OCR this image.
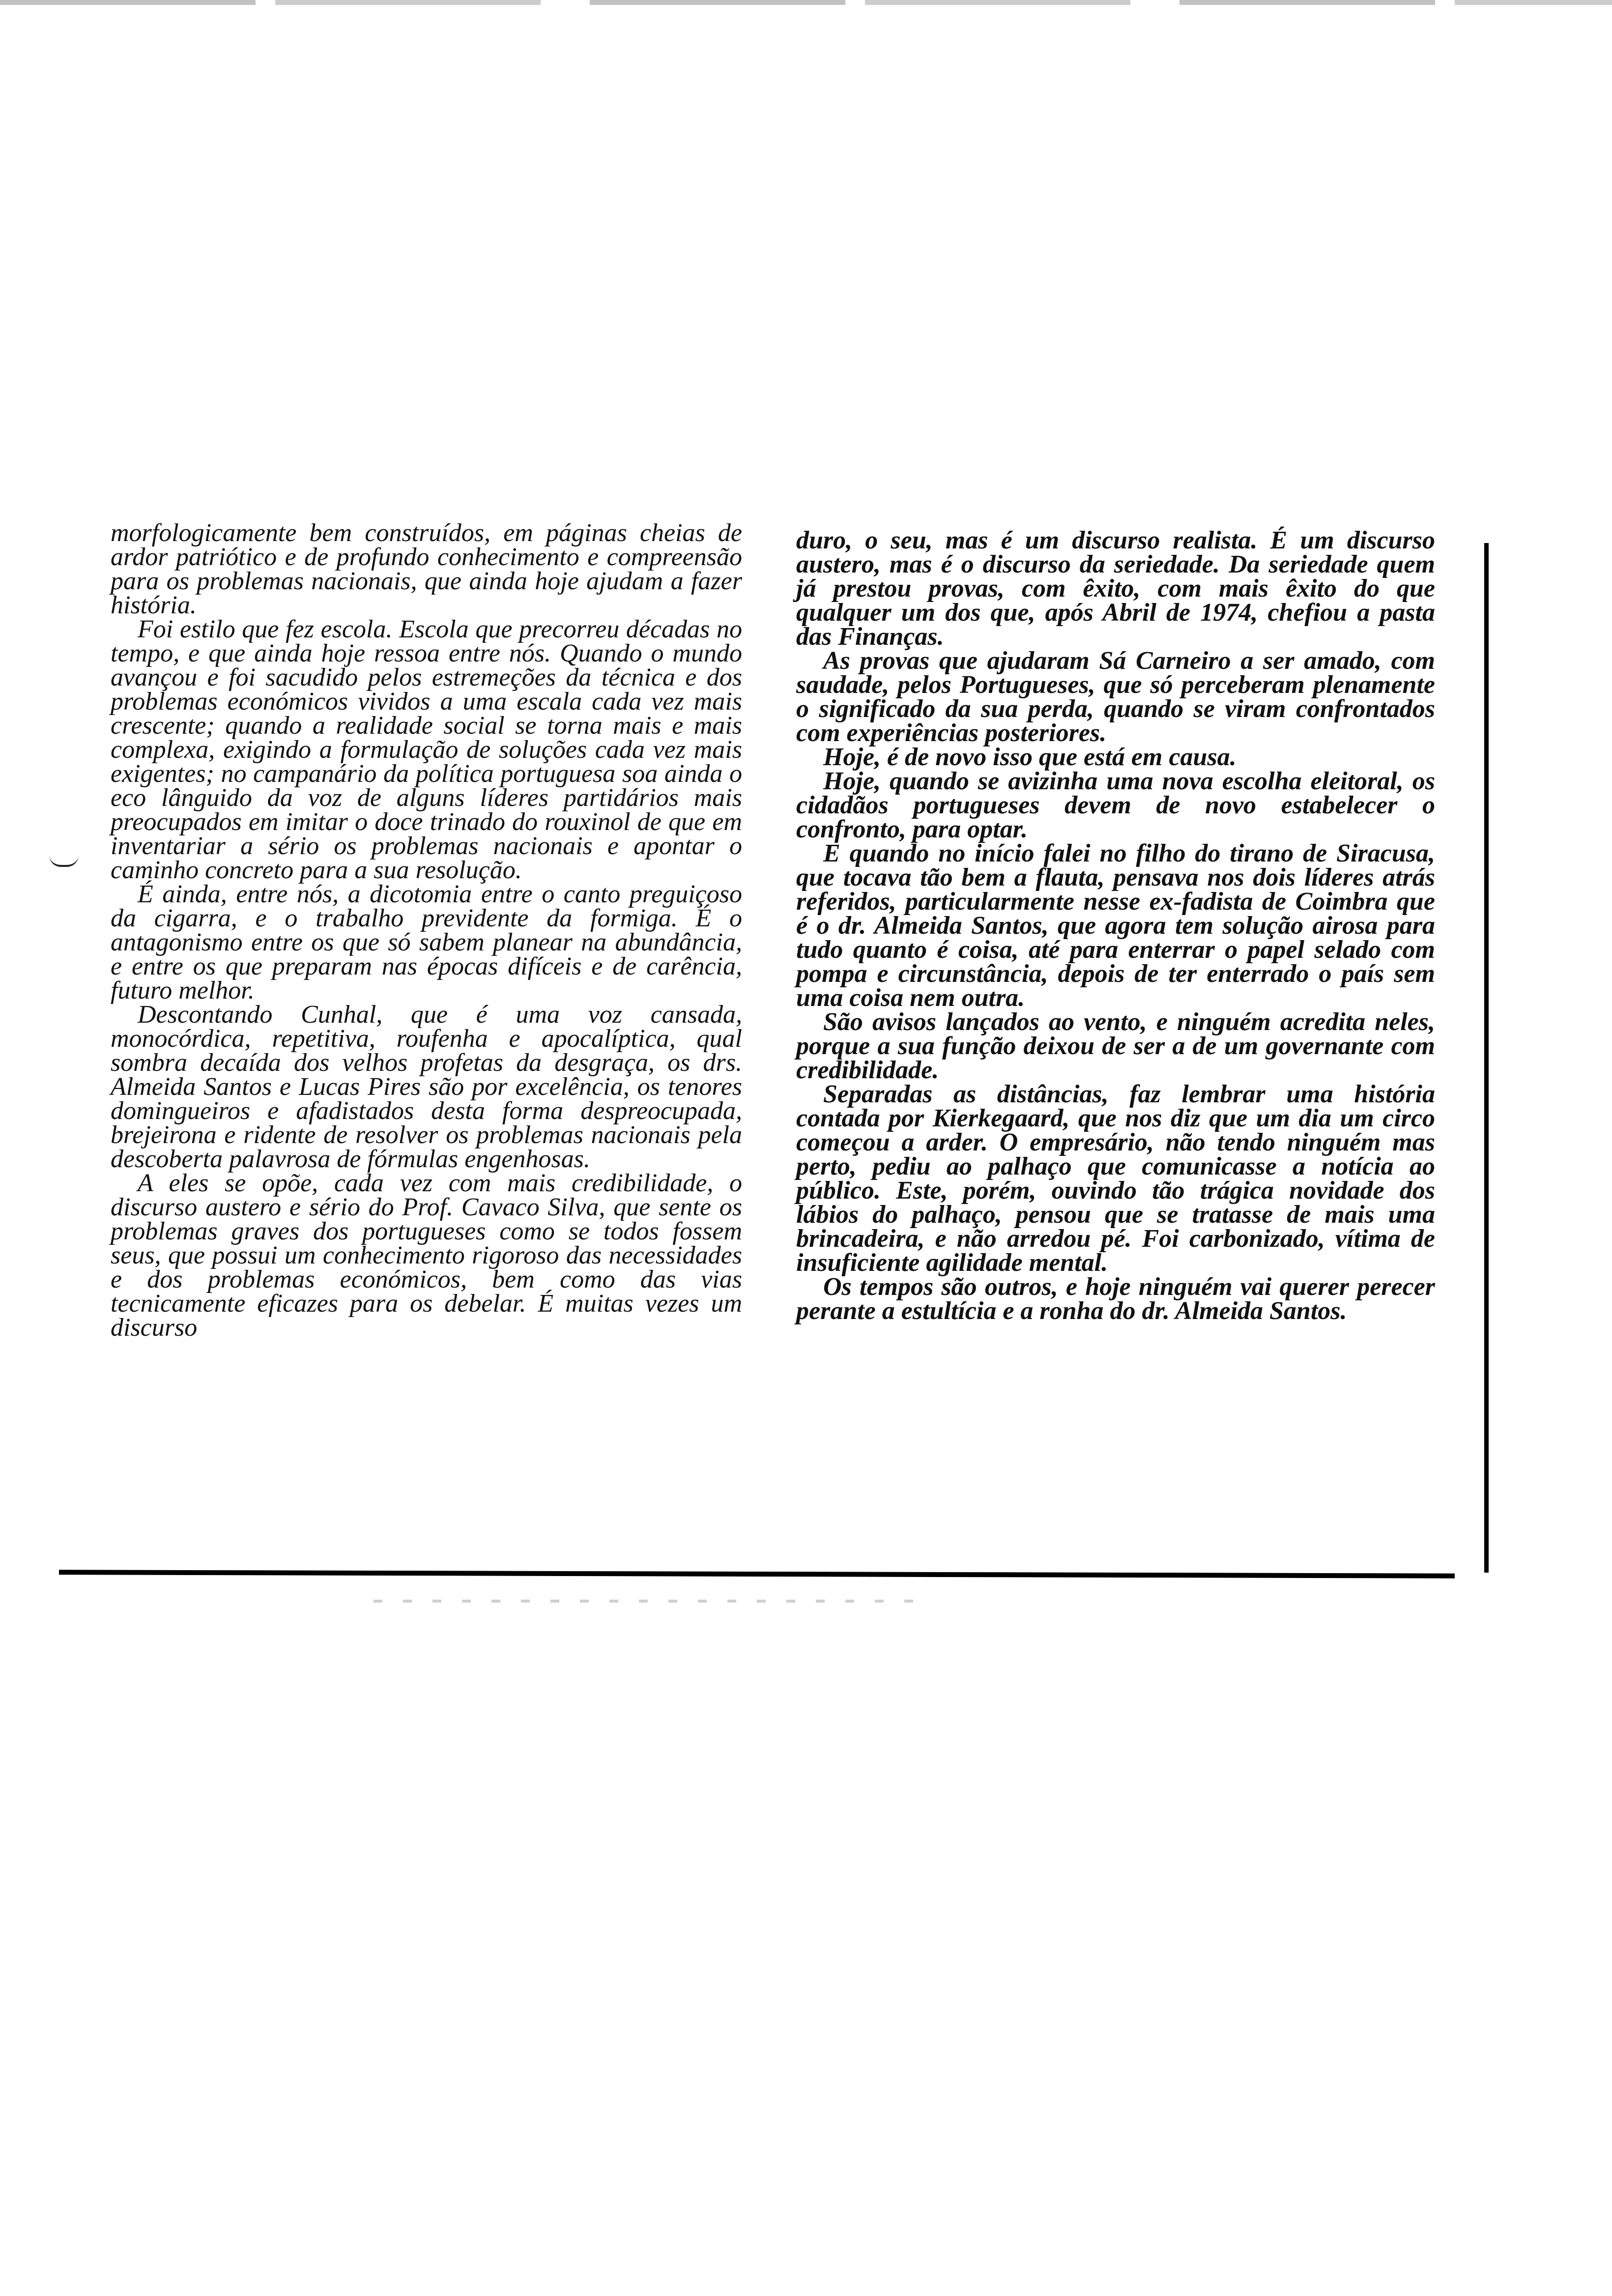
morfologicamente bem construídos, em páginas cheias de ardor patriótico e de profundo conhecimento e compreensão para os problemas nacionais, que ainda hoje ajudam a fazer história.

Foi estilo que fez escola. Escola que precorreu décadas no tempo, e que ainda hoje ressoa entre nós. Quando o mundo avançou e foi sacudido pelos estremeções da técnica e dos problemas económicos vividos a uma escala cada vez mais crescente; quando a realidade social se torna mais e mais complexa, exigindo a formulação de soluções cada vez mais exigentes; no campanário da política portuguesa soa ainda o eco lânguido da voz de alguns líderes partidários mais preocupados em imitar o doce trinado do rouxinol de que em inventariar a sério os problemas nacionais e apontar o caminho concreto para a sua resolução.

É ainda, entre nós, a dicotomia entre o canto preguiçoso da cigarra, e o trabalho previdente da formiga. É o antagonismo entre os que só sabem planear na abundância, e entre os que preparam nas épocas difíceis e de carência, futuro melhor.

Descontando Cunhal, que é uma voz cansada, monocórdica, repetitiva, roufenha e apocalíptica, qual sombra decaída dos velhos profetas da desgraça, os drs. Almeida Santos e Lucas Pires são por excelência, os tenores domingueiros e afadistados desta forma despreocupada, brejeirona e ridente de resolver os problemas nacionais pela descoberta palavrosa de fórmulas engenhosas.

A eles se opõe, cada vez com mais credibilidade, o discurso austero e sério do Prof. Cavaco Silva, que sente os problemas graves dos portugueses como se todos fossem seus, que possui um conhecimento rigoroso das necessidades e dos problemas económicos, bem como das vias tecnicamente eficazes para os debelar. É muitas vezes um discurso

duro, o seu, mas é um discurso realista. É um discurso austero, mas é o discurso da seriedade. Da seriedade quem já prestou provas, com êxito, com mais êxito do que qualquer um dos que, após Abril de 1974, chefiou a pasta das Finanças.

As provas que ajudaram Sá Carneiro a ser amado, com saudade, pelos Portugueses, que só perceberam plenamente o significado da sua perda, quando se viram confrontados com experiências posteriores.

Hoje, é de novo isso que está em causa.

Hoje, quando se avizinha uma nova escolha eleitoral, os cidadãos portugueses devem de novo estabelecer o confronto, para optar.

E quando no início falei no filho do tirano de Siracusa, que tocava tão bem a flauta, pensava nos dois líderes atrás referidos, particularmente nesse ex-fadista de Coimbra que é o dr. Almeida Santos, que agora tem solução airosa para tudo quanto é coisa, até para enterrar o papel selado com pompa e circunstância, depois de ter enterrado o país sem uma coisa nem outra.

São avisos lançados ao vento, e ninguém acredita neles, porque a sua função deixou de ser a de um governante com credibilidade.

Separadas as distâncias, faz lembrar uma história contada por Kierkegaard, que nos diz que um dia um circo começou a arder. O empresário, não tendo ninguém mas perto, pediu ao palhaço que comunicasse a notícia ao público. Este, porém, ouvindo tão trágica novidade dos lábios do palhaço, pensou que se tratasse de mais uma brincadeira, e não arredou pé. Foi carbonizado, vítima de insuficiente agilidade mental.

Os tempos são outros, e hoje ninguém vai querer perecer perante a estultícia e a ronha do dr. Almeida Santos.
